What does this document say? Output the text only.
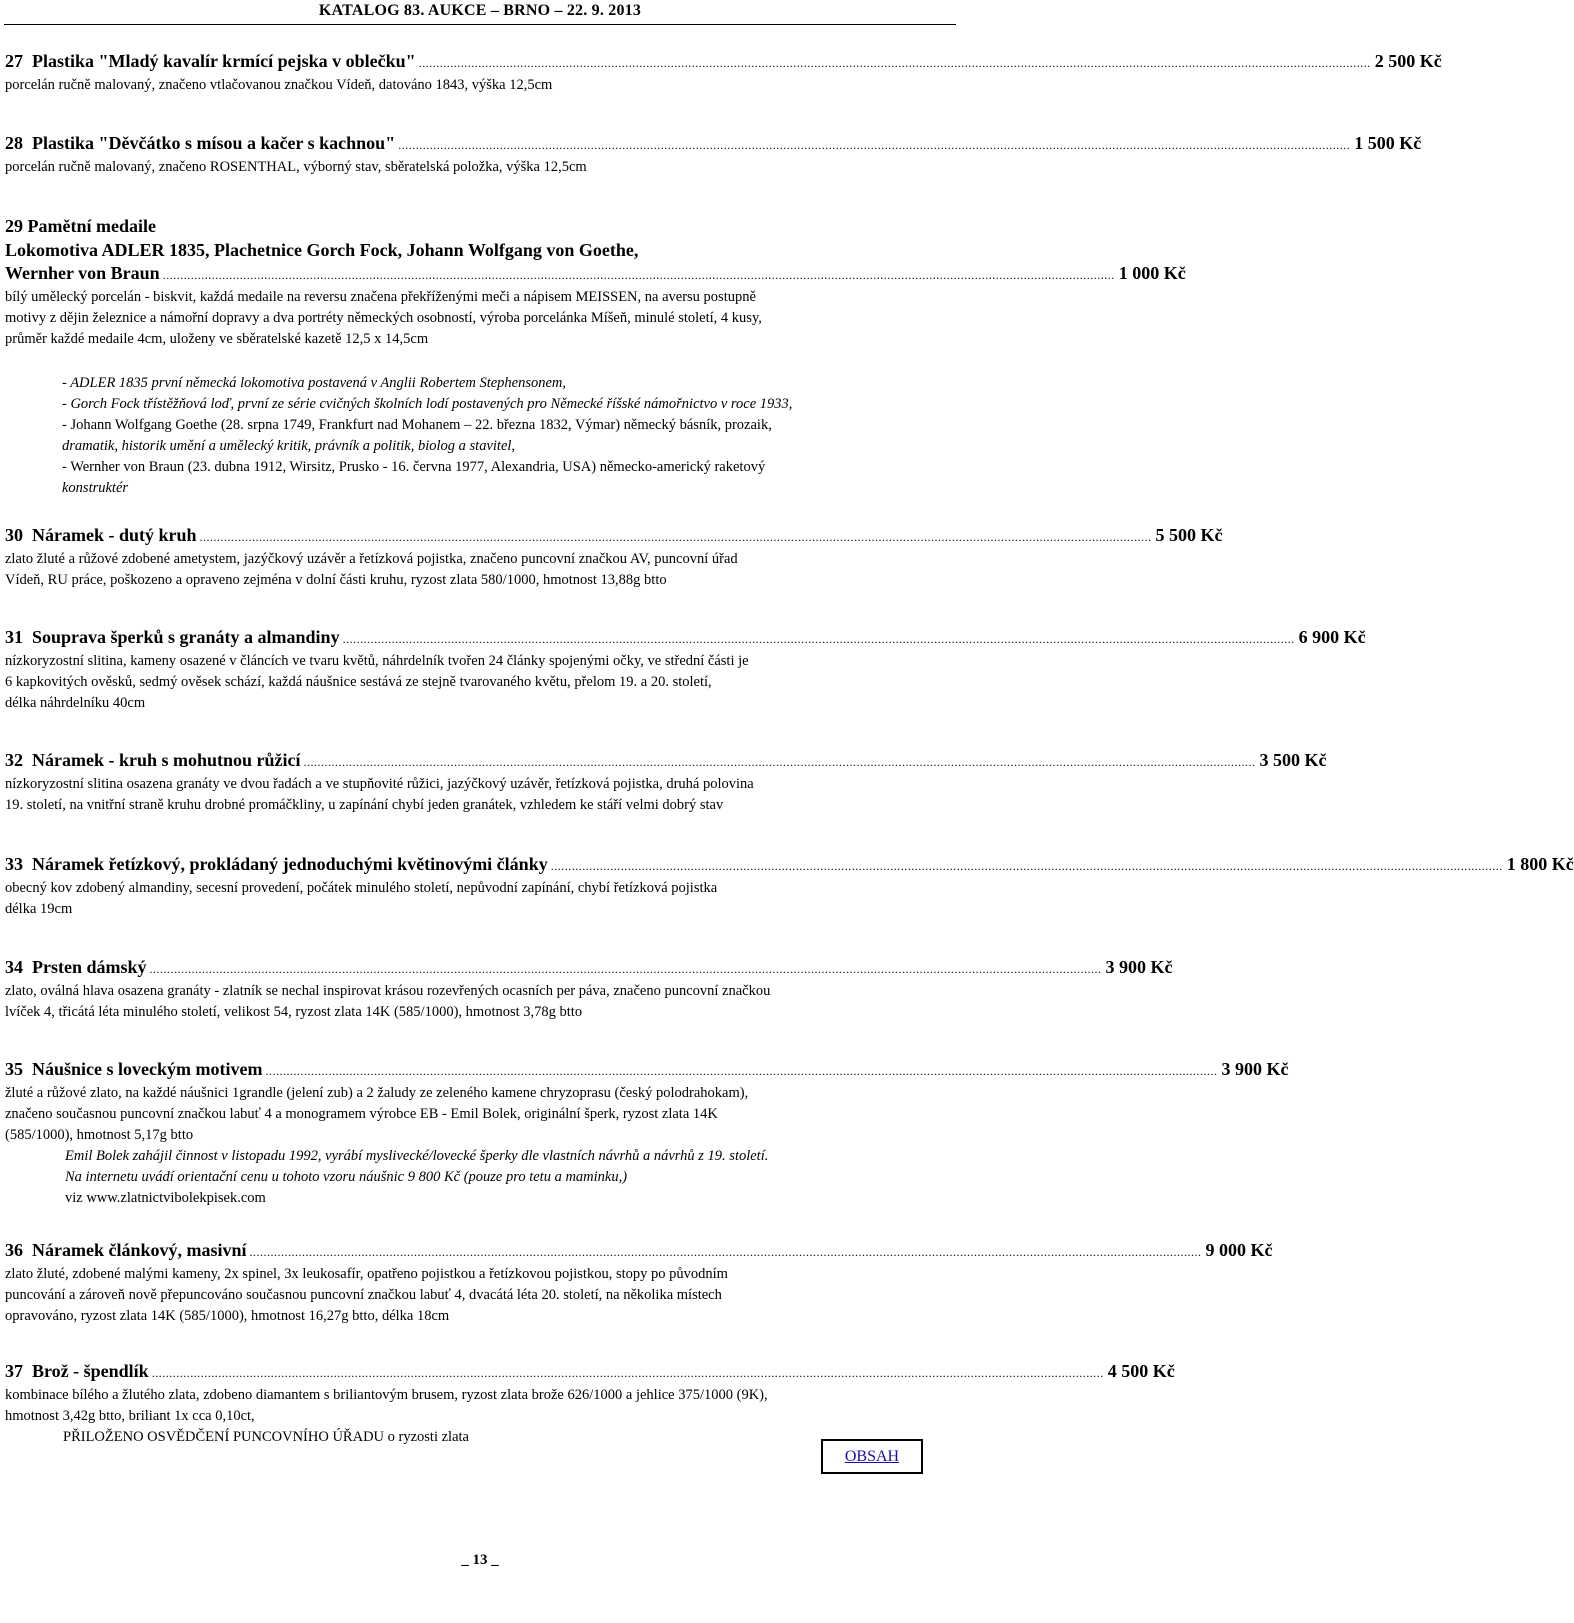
KATALOG 83. AUKCE – BRNO – 22. 9. 2013
27 Plastika "Mladý kavalír krmící pejska v oblečku" ................................................................................................................................................................................................................................................................................ 2 500 Kč
porcelán ručně malovaný, značeno vtlačovanou značkou Vídeň, datováno 1843, výška 12,5cm
28 Plastika "Děvčátko s mísou a kačer s kachnou" ................................................................................................................................................................................................................................................................................ 1 500 Kč
porcelán ručně malovaný, značeno ROSENTHAL, výborný stav, sběratelská položka, výška 12,5cm
29 Pamětní medaile
Lokomotiva ADLER 1835, Plachetnice Gorch Fock, Johann Wolfgang von Goethe,
Wernher von Braun ................................................................................................................................................................................................................................................................................ 1 000 Kč
bílý umělecký porcelán - biskvit, každá medaile na reversu značena překříženými meči a nápisem MEISSEN, na aversu postupně
motivy z dějin železnice a námořní dopravy a dva portréty německých osobností, výroba porcelánka Míšeň, minulé století, 4 kusy,
průměr každé medaile 4cm, uloženy ve sběratelské kazetě 12,5 x 14,5cm
- ADLER 1835 první německá lokomotiva postavená v Anglii Robertem Stephensonem,
- Gorch Fock třístěžňová loď, první ze série cvičných školních lodí postavených pro Německé říšské námořnictvo v roce 1933,
- Johann Wolfgang Goethe (28. srpna 1749, Frankfurt nad Mohanem – 22. března 1832, Výmar) německý básník, prozaik,
dramatik, historik umění a umělecký kritik, právník a politik, biolog a stavitel,
- Wernher von Braun (23. dubna 1912, Wirsitz, Prusko - 16. června 1977, Alexandria, USA) německo-americký raketový
konstruktér
30 Náramek - dutý kruh ................................................................................................................................................................................................................................................................................ 5 500 Kč
zlato žluté a růžové zdobené ametystem, jazýčkový uzávěr a řetízková pojistka, značeno puncovní značkou AV, puncovní úřad
Vídeň, RU práce, poškozeno a opraveno zejména v dolní části kruhu, ryzost zlata 580/1000, hmotnost 13,88g btto
31 Souprava šperků s granáty a almandiny ................................................................................................................................................................................................................................................................................ 6 900 Kč
nízkoryzostní slitina, kameny osazené v článcích ve tvaru květů, náhrdelník tvořen 24 články spojenými očky, ve střední části je
6 kapkovitých ověsků, sedmý ověsek schází, každá náušnice sestává ze stejně tvarovaného květu, přelom 19. a 20. století,
délka náhrdelníku 40cm
32 Náramek - kruh s mohutnou růžicí ................................................................................................................................................................................................................................................................................ 3 500 Kč
nízkoryzostní slitina osazena granáty ve dvou řadách a ve stupňovité růžici, jazýčkový uzávěr, řetízková pojistka, druhá polovina
19. století, na vnitřní straně kruhu drobné promáčkliny, u zapínání chybí jeden granátek, vzhledem ke stáří velmi dobrý stav
33 Náramek řetízkový, prokládaný jednoduchými květinovými články ................................................................................................................................................................................................................................................................................ 1 800 Kč
obecný kov zdobený almandiny, secesní provedení, počátek minulého století, nepůvodní zapínání, chybí řetízková pojistka
délka 19cm
34 Prsten dámský ................................................................................................................................................................................................................................................................................ 3 900 Kč
zlato, oválná hlava osazena granáty - zlatník se nechal inspirovat krásou rozevřených ocasních per páva, značeno puncovní značkou
lvíček 4, třicátá léta minulého století, velikost 54, ryzost zlata 14K (585/1000), hmotnost 3,78g btto
35 Náušnice s loveckým motivem ................................................................................................................................................................................................................................................................................ 3 900 Kč
žluté a růžové zlato, na každé náušnici 1grandle (jelení zub) a 2 žaludy ze zeleného kamene chryzoprasu (český polodrahokam),
značeno současnou puncovní značkou labuť 4 a monogramem výrobce EB - Emil Bolek, originální šperk, ryzost zlata 14K
(585/1000), hmotnost 5,17g btto
Emil Bolek zahájil činnost v listopadu 1992, vyrábí myslivecké/lovecké šperky dle vlastních návrhů a návrhů z 19. století.
Na internetu uvádí orientační cenu u tohoto vzoru náušnic 9 800 Kč (pouze pro tetu a maminku,)
viz www.zlatnictvibolekpisek.com
36 Náramek článkový, masivní ................................................................................................................................................................................................................................................................................ 9 000 Kč
zlato žluté, zdobené malými kameny, 2x spinel, 3x leukosafír, opatřeno pojistkou a řetízkovou pojistkou, stopy po původním
puncování a zároveň nově přepuncováno současnou puncovní značkou labuť 4, dvacátá léta 20. století, na několika místech
opravováno, ryzost zlata 14K (585/1000), hmotnost 16,27g btto, délka 18cm
37 Brož - špendlík ................................................................................................................................................................................................................................................................................ 4 500 Kč
kombinace bílého a žlutého zlata, zdobeno diamantem s briliantovým brusem, ryzost zlata brože 626/1000 a jehlice 375/1000 (9K),
hmotnost 3,42g btto, briliant 1x cca 0,10ct,
PŘILOŽENO OSVĚDČENÍ PUNCOVNÍHO ÚŘADU o ryzosti zlata
OBSAH
_ 13 _
